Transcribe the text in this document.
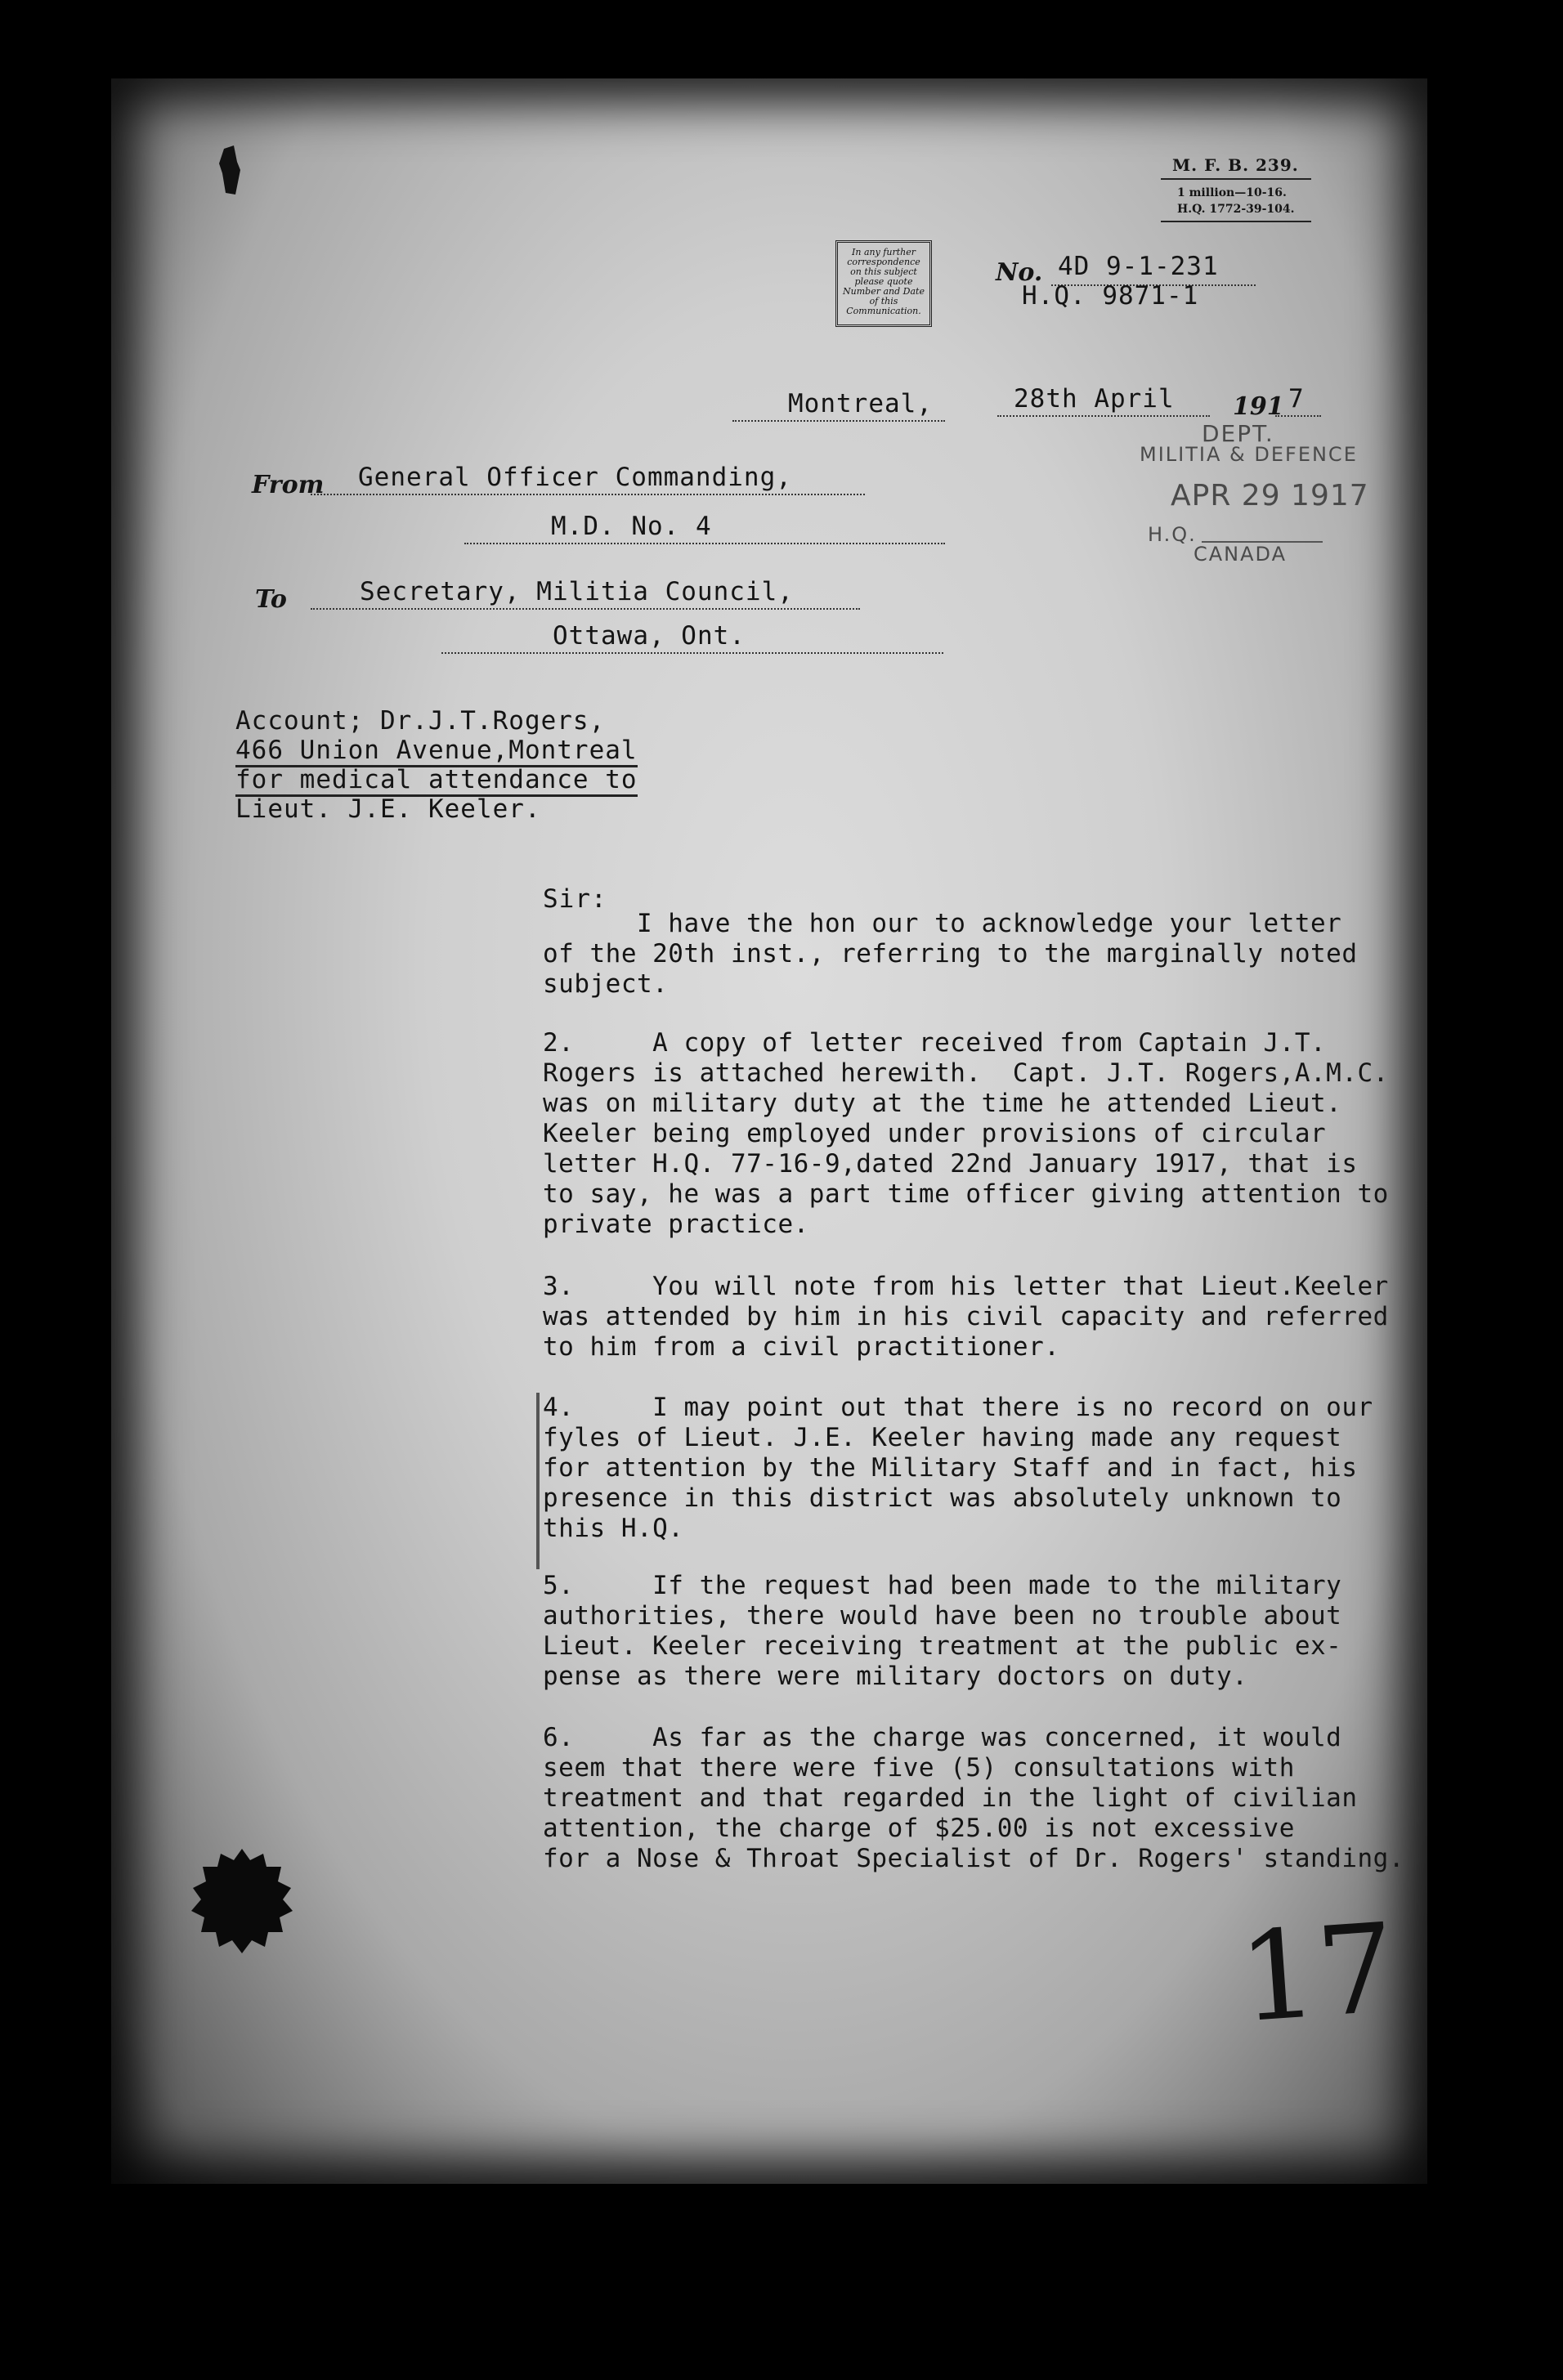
M. F. B. 239.
1 million—10-16.
H.Q. 1772-39-104.
In any further correspondence on this subject please quote Number and Date of this Communication.
No. 4D 9-1-231
H.Q. 9871-1
Montreal,	28th April 191 7
DEPT.
MILITIA & DEFENCE
APR 29 1917
H.Q.
CANADA
From General Officer Commanding,
M.D. No. 4
To	Secretary, Militia Council,
Ottawa, Ont.
Account; Dr.J.T.Rogers,
466 Union Avenue,Montreal
for medical attendance to
Lieut. J.E. Keeler.
Sir:
I have the hon our to acknowledge your letter
of the 20th inst., referring to the marginally noted
subject.
2.     A copy of letter received from Captain J.T.
Rogers is attached herewith.  Capt. J.T. Rogers,A.M.C.
was on military duty at the time he attended Lieut.
Keeler being employed under provisions of circular
letter H.Q. 77-16-9,dated 22nd January 1917, that is
to say, he was a part time officer giving attention to
private practice.
3.     You will note from his letter that Lieut.Keeler
was attended by him in his civil capacity and referred
to him from a civil practitioner.
4.     I may point out that there is no record on our
fyles of Lieut. J.E. Keeler having made any request
for attention by the Military Staff and in fact, his
presence in this district was absolutely unknown to
this H.Q.
5.     If the request had been made to the military
authorities, there would have been no trouble about
Lieut. Keeler receiving treatment at the public ex-
pense as there were military doctors on duty.
6.     As far as the charge was concerned, it would
seem that there were five (5) consultations with
treatment and that regarded in the light of civilian
attention, the charge of $25.00 is not excessive
for a Nose & Throat Specialist of Dr. Rogers' standing.
17
